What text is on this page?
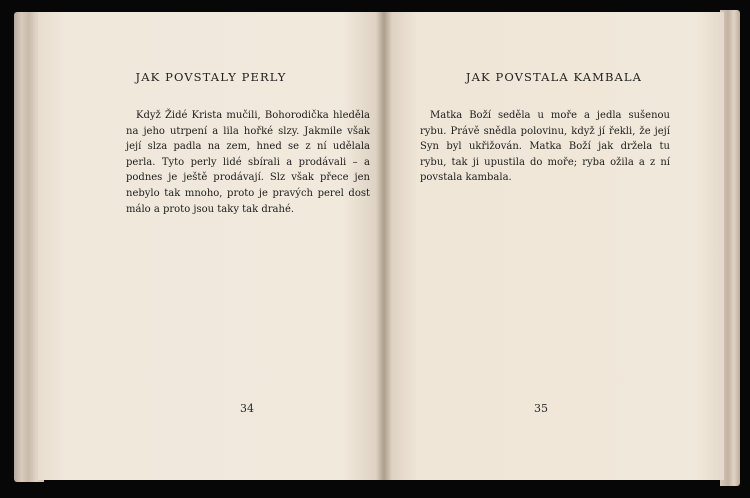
JAK POVSTALY PERLY
Když Židé Krista mučili, Bohorodička hleděla na jeho utrpení a lila hořké slzy. Jakmile však její slza padla na zem, hned se z ní udělala perla. Tyto perly lidé sbírali a prodávali – a podnes je ještě prodávají. Slz však přece jen nebylo tak mnoho, proto je pravých perel dost málo a proto jsou taky tak drahé.
34
JAK POVSTALA KAMBALA
Matka Boží seděla u moře a jedla sušenou rybu. Právě snědla polovinu, když jí řekli, že její Syn byl ukřižován. Matka Boží jak držela tu rybu, tak ji upustila do moře; ryba ožila a z ní povstala kambala.
35
